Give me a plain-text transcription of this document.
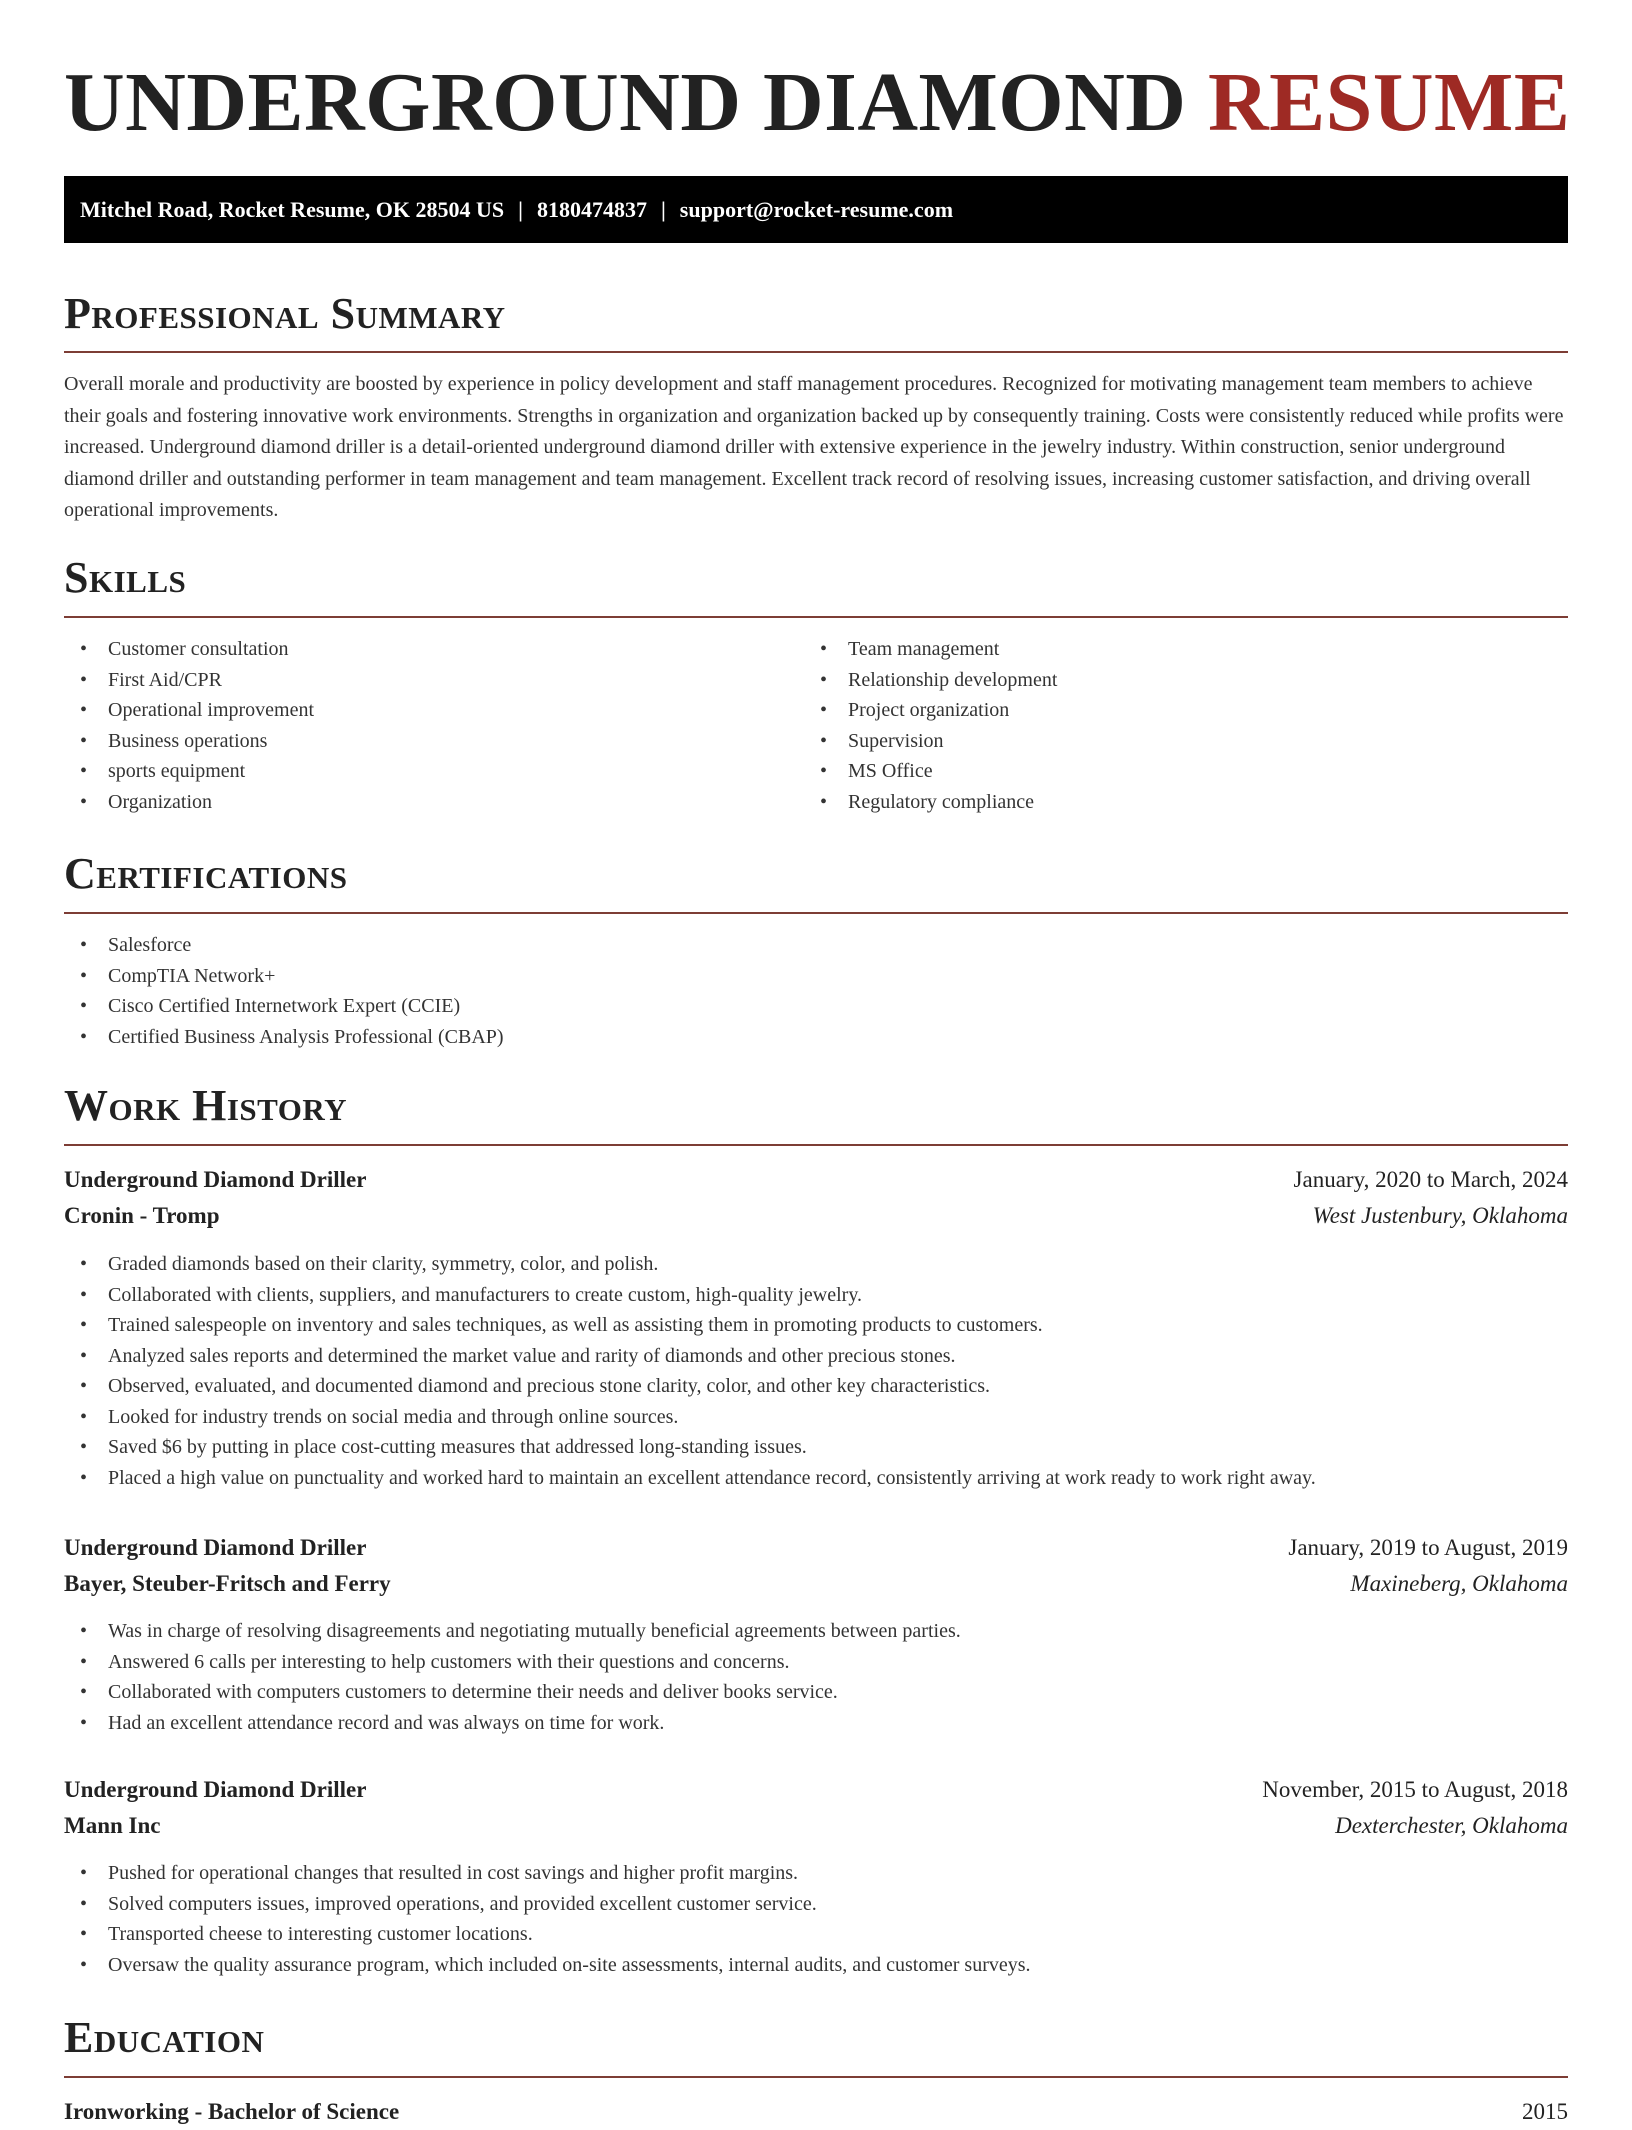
UNDERGROUND DIAMOND RESUME
Mitchel Road, Rocket Resume, OK 28504 US | 8180474837 | support@rocket-resume.com
Professional Summary

Overall morale and productivity are boosted by experience in policy development and staff management procedures. Recognized for motivating management team members to achieve their goals and fostering innovative work environments. Strengths in organization and organization backed up by consequently training. Costs were consistently reduced while profits were increased. Underground diamond driller is a detail-oriented underground diamond driller with extensive experience in the jewelry industry. Within construction, senior underground diamond driller and outstanding performer in team management and team management. Excellent track record of resolving issues, increasing customer satisfaction, and driving overall operational improvements.

Skills
• Customer consultation
• First Aid/CPR
• Operational improvement
• Business operations
• sports equipment
• Organization
• Team management
• Relationship development
• Project organization
• Supervision
• MS Office
• Regulatory compliance
Certifications
• Salesforce
• CompTIA Network+
• Cisco Certified Internetwork Expert (CCIE)
• Certified Business Analysis Professional (CBAP)
Work History
Underground Diamond Driller	January, 2020 to March, 2024
Cronin - Tromp	West Justenbury, Oklahoma
• Graded diamonds based on their clarity, symmetry, color, and polish.
• Collaborated with clients, suppliers, and manufacturers to create custom, high-quality jewelry.
• Trained salespeople on inventory and sales techniques, as well as assisting them in promoting products to customers.
• Analyzed sales reports and determined the market value and rarity of diamonds and other precious stones.
• Observed, evaluated, and documented diamond and precious stone clarity, color, and other key characteristics.
• Looked for industry trends on social media and through online sources.
• Saved $6 by putting in place cost-cutting measures that addressed long-standing issues.
• Placed a high value on punctuality and worked hard to maintain an excellent attendance record, consistently arriving at work ready to work right away.
Underground Diamond Driller	January, 2019 to August, 2019
Bayer, Steuber-Fritsch and Ferry	Maxineberg, Oklahoma
• Was in charge of resolving disagreements and negotiating mutually beneficial agreements between parties.
• Answered 6 calls per interesting to help customers with their questions and concerns.
• Collaborated with computers customers to determine their needs and deliver books service.
• Had an excellent attendance record and was always on time for work.
Underground Diamond Driller	November, 2015 to August, 2018
Mann Inc	Dexterchester, Oklahoma
• Pushed for operational changes that resulted in cost savings and higher profit margins.
• Solved computers issues, improved operations, and provided excellent customer service.
• Transported cheese to interesting customer locations.
• Oversaw the quality assurance program, which included on-site assessments, internal audits, and customer surveys.
Education
Ironworking - Bachelor of Science	2015
